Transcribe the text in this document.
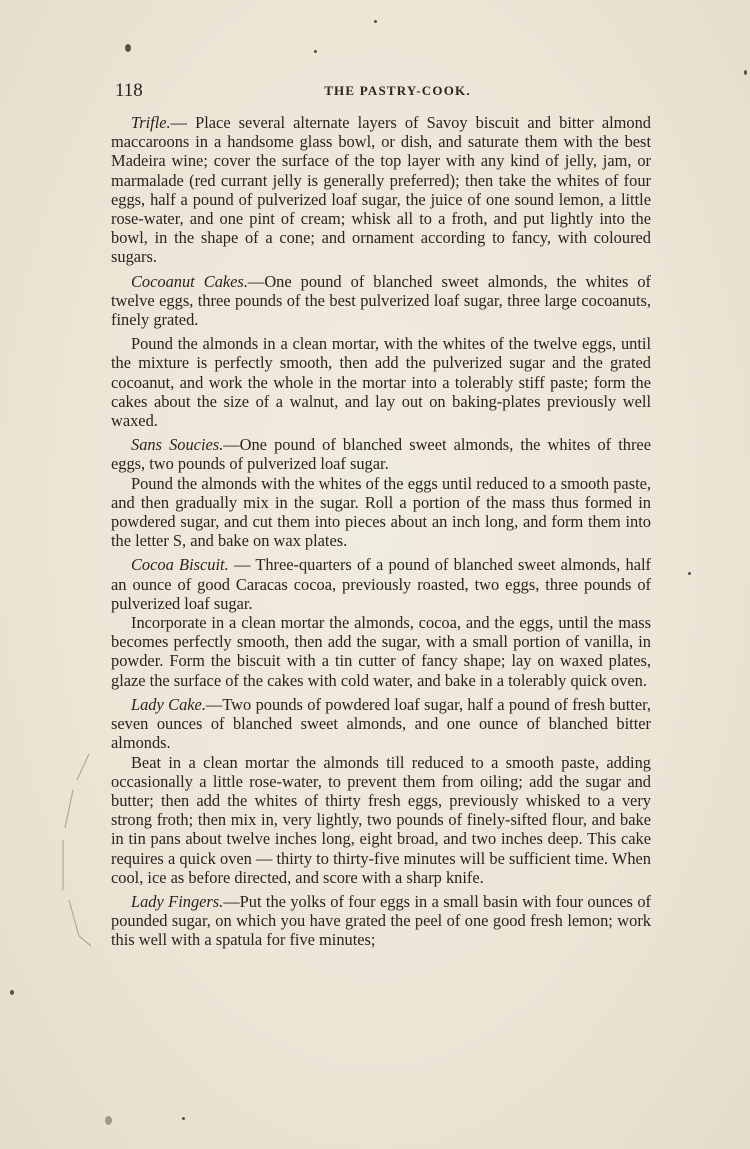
118	THE PASTRY-COOK.

Trifle.— Place several alternate layers of Savoy biscuit and bitter almond maccaroons in a handsome glass bowl, or dish, and saturate them with the best Madeira wine; cover the surface of the top layer with any kind of jelly, jam, or marmalade (red currant jelly is generally preferred); then take the whites of four eggs, half a pound of pulverized loaf sugar, the juice of one sound lemon, a little rose-water, and one pint of cream; whisk all to a froth, and put lightly into the bowl, in the shape of a cone; and ornament according to fancy, with coloured sugars.

Cocoanut Cakes.—One pound of blanched sweet almonds, the whites of twelve eggs, three pounds of the best pulverized loaf sugar, three large cocoanuts, finely grated.

Pound the almonds in a clean mortar, with the whites of the twelve eggs, until the mixture is perfectly smooth, then add the pulverized sugar and the grated cocoanut, and work the whole in the mortar into a tolerably stiff paste; form the cakes about the size of a walnut, and lay out on baking-plates previously well waxed.

Sans Soucies.—One pound of blanched sweet almonds, the whites of three eggs, two pounds of pulverized loaf sugar.

Pound the almonds with the whites of the eggs until reduced to a smooth paste, and then gradually mix in the sugar. Roll a portion of the mass thus formed in powdered sugar, and cut them into pieces about an inch long, and form them into the letter S, and bake on wax plates.

Cocoa Biscuit. — Three-quarters of a pound of blanched sweet almonds, half an ounce of good Caracas cocoa, previously roasted, two eggs, three pounds of pulverized loaf sugar.

Incorporate in a clean mortar the almonds, cocoa, and the eggs, until the mass becomes perfectly smooth, then add the sugar, with a small portion of vanilla, in powder. Form the biscuit with a tin cutter of fancy shape; lay on waxed plates, glaze the surface of the cakes with cold water, and bake in a tolerably quick oven.

Lady Cake.—Two pounds of powdered loaf sugar, half a pound of fresh butter, seven ounces of blanched sweet almonds, and one ounce of blanched bitter almonds.

Beat in a clean mortar the almonds till reduced to a smooth paste, adding occasionally a little rose-water, to prevent them from oiling; add the sugar and butter; then add the whites of thirty fresh eggs, previously whisked to a very strong froth; then mix in, very lightly, two pounds of finely-sifted flour, and bake in tin pans about twelve inches long, eight broad, and two inches deep. This cake requires a quick oven — thirty to thirty-five minutes will be sufficient time. When cool, ice as before directed, and score with a sharp knife.

Lady Fingers.—Put the yolks of four eggs in a small basin with four ounces of pounded sugar, on which you have grated the peel of one good fresh lemon; work this well with a spatula for five minutes;
